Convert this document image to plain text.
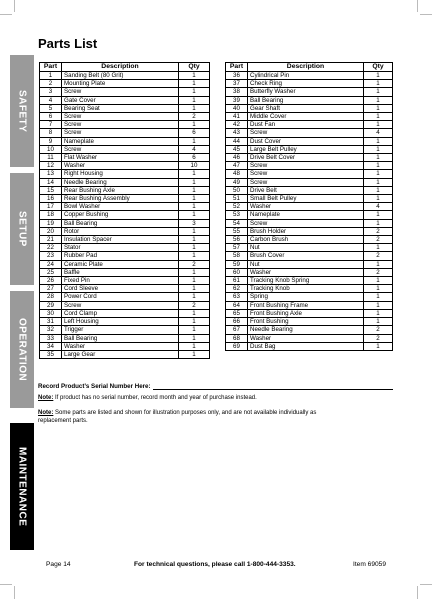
SAFETY
SETUP
OPERATION
MAINTENANCE
Parts List
Part	Description	Qty
1	Sanding Belt (80 Grit)	1
2	Mounting Plate	1
3	Screw	1
4	Gate Cover	1
5	Bearing Seat	1
6	Screw	2
7	Screw	1
8	Screw	6
9	Nameplate	1
10	Screw	4
11	Flat Washer	6
12	Washer	10
13	Right Housing	1
14	Needle Bearing	1
15	Rear Bushing Axle	1
16	Rear Bushing Assembly	1
17	Bowl Washer	1
18	Copper Bushing	1
19	Ball Bearing	3
20	Rotor	1
21	Insulation Spacer	1
22	Stator	1
23	Rubber Pad	1
24	Ceramic Plate	2
25	Baffle	1
26	Fixed Pin	1
27	Cord Sleeve	1
28	Power Cord	1
29	Screw	2
30	Cord Clamp	1
31	Left Housing	1
32	Trigger	1
33	Ball Bearing	1
34	Washer	1
35	Large Gear	1
Part	Description	Qty
36	Cylindrical Pin	1
37	Check Ring	1
38	Butterfly Washer	1
39	Ball Bearing	1
40	Gear Shaft	1
41	Middle Cover	1
42	Dust Fan	1
43	Screw	4
44	Dust Cover	1
45	Large Belt Pulley	1
46	Drive Belt Cover	1
47	Screw	1
48	Screw	1
49	Screw	1
50	Drive Belt	1
51	Small Belt Pulley	1
52	Washer	4
53	Nameplate	1
54	Screw	1
55	Brush Holder	2
56	Carbon Brush	2
57	Nut	1
58	Brush Cover	2
59	Nut	1
60	Washer	2
61	Tracking Knob Spring	1
62	Tracking Knob	1
63	Spring	1
64	Front Bushing Frame	1
65	Front Bushing Axle	1
66	Front Bushing	1
67	Needle Bearing	2
68	Washer	2
69	Dust Bag	1
Record Product’s Serial Number Here:
Note: If product has no serial number, record month and year of purchase instead.
Note: Some parts are listed and shown for illustration purposes only, and are not available individually as replacement parts.
Page 14	For technical questions, please call 1-800-444-3353.	Item 69059
